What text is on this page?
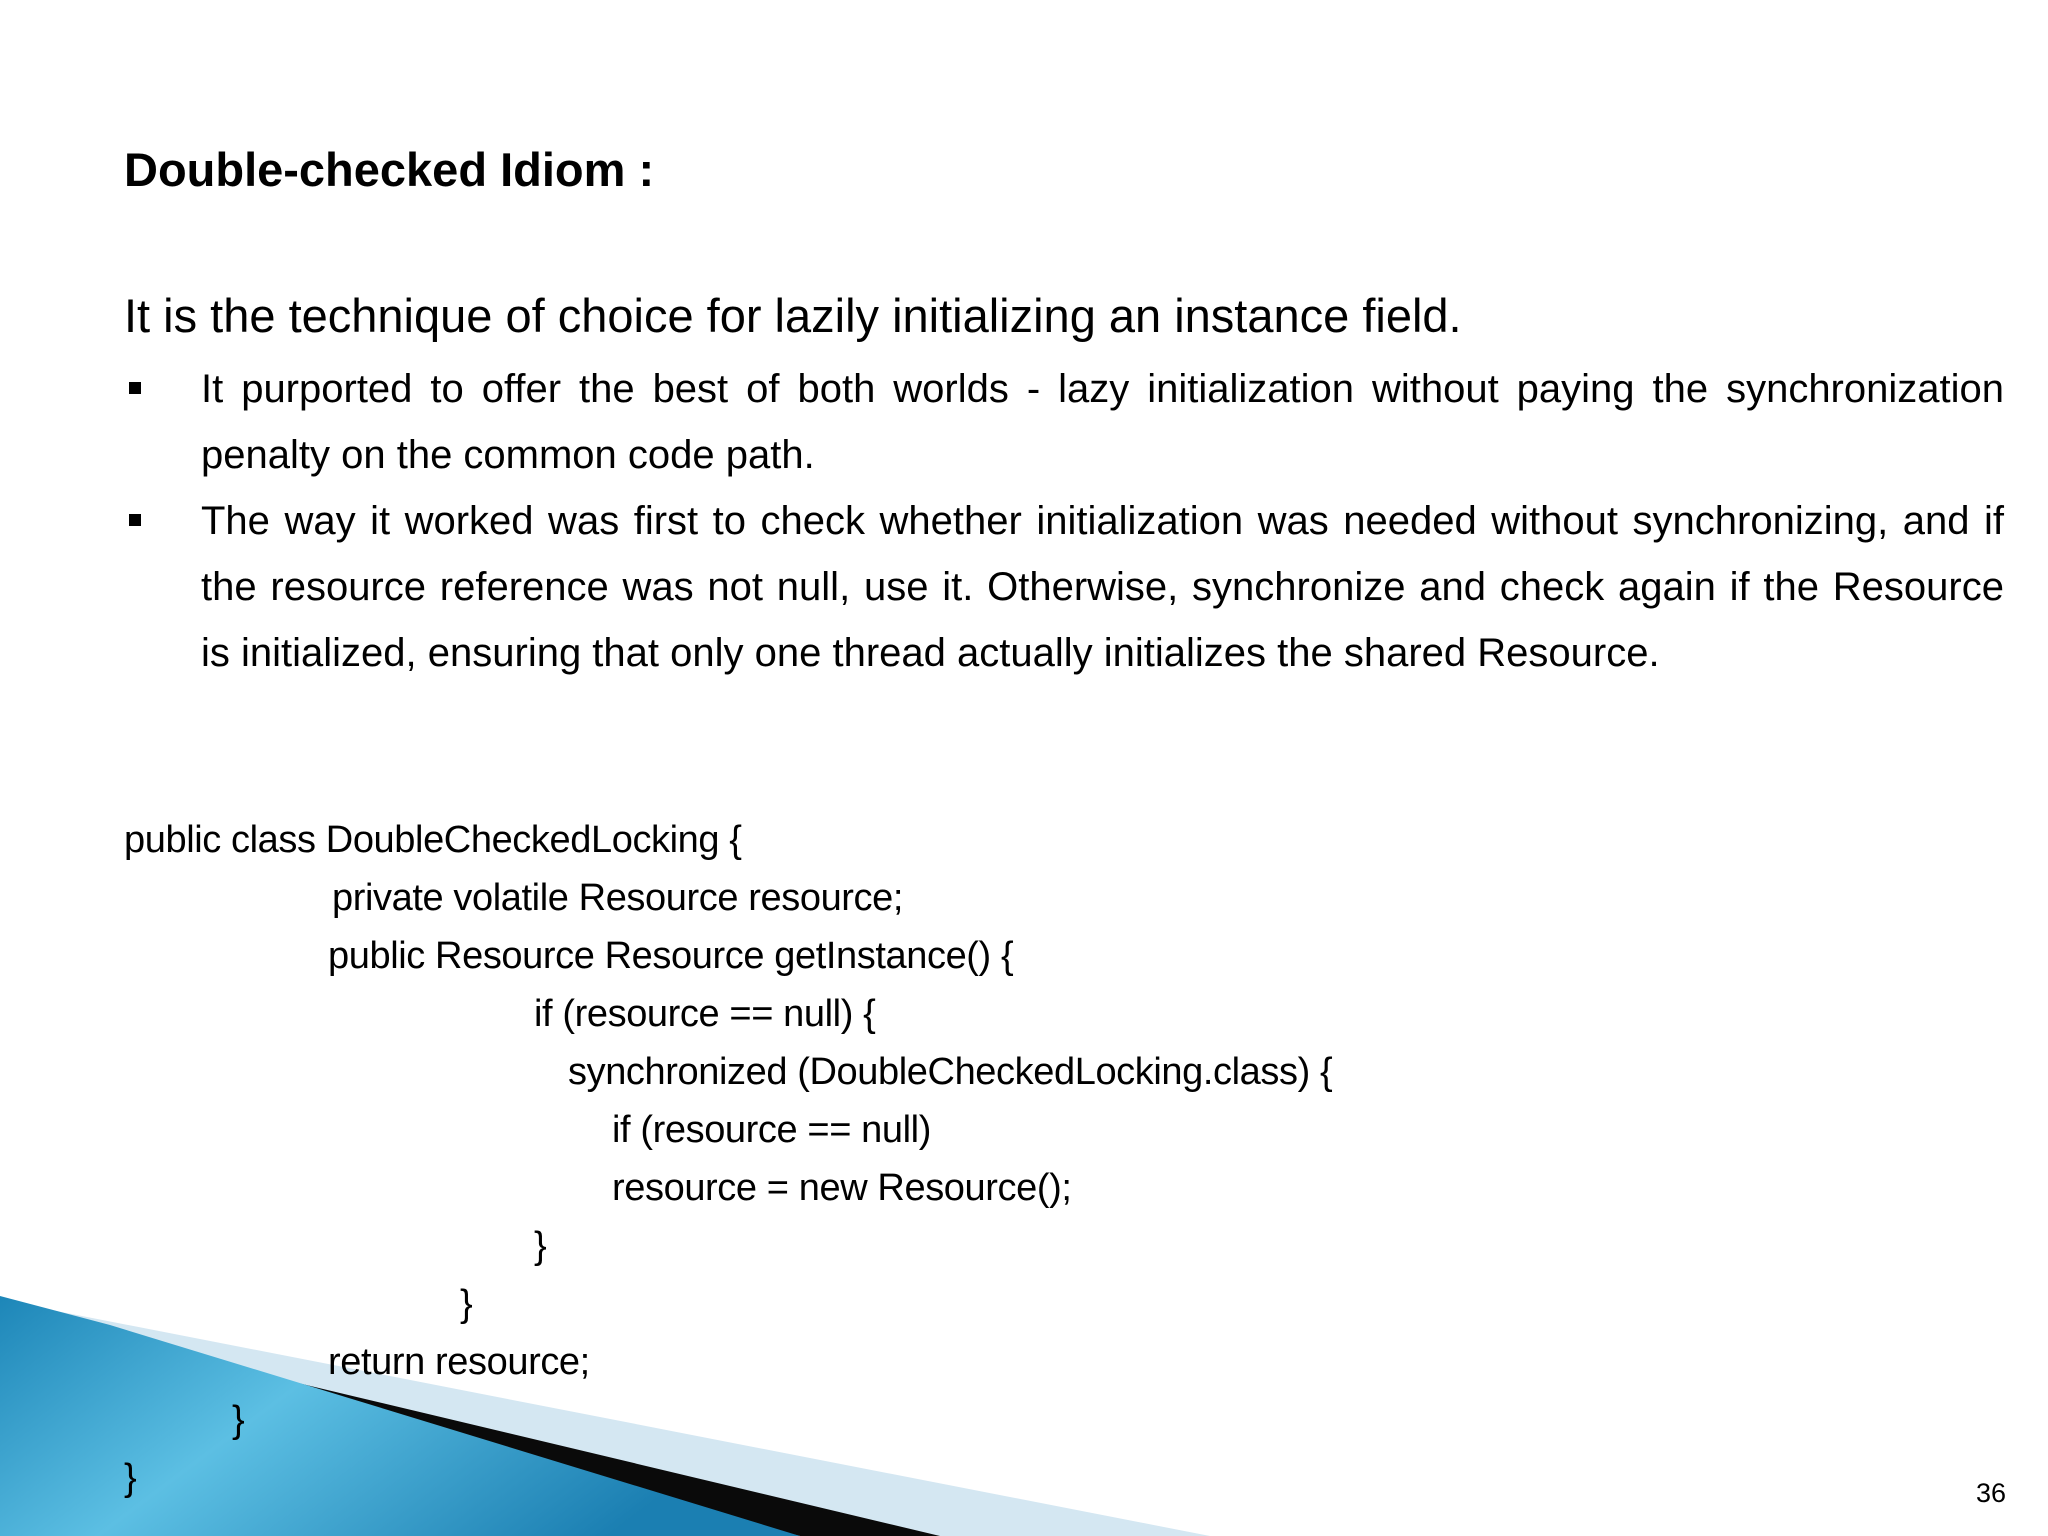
Double-checked Idiom :

It is the technique of choice for lazily initializing an instance field.

It purported to offer the best of both worlds - lazy initialization without paying the synchronization penalty on the common code path.
The way it worked was first to check whether initialization was needed without synchronizing, and if the resource reference was not null, use it. Otherwise, synchronize and check again if the Resource is initialized, ensuring that only one thread actually initializes the shared Resource.

public class DoubleCheckedLocking {

private volatile Resource resource;

public Resource Resource getInstance() {

if (resource == null) {

synchronized (DoubleCheckedLocking.class) {

if (resource == null)

resource = new Resource();

}

}

return resource;

}

}	36
